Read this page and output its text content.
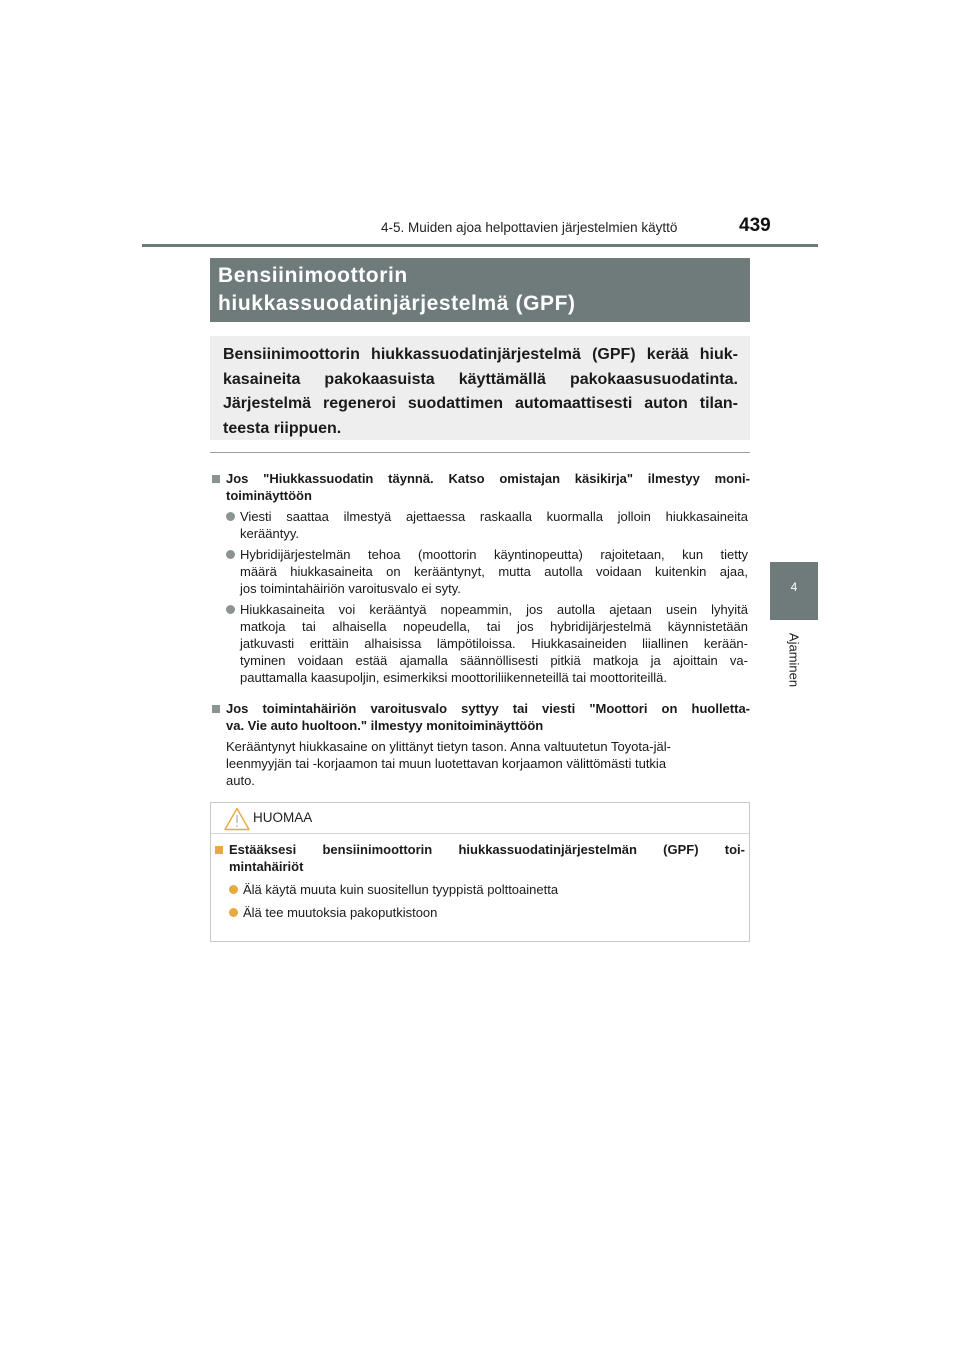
4-5. Muiden ajoa helpottavien järjestelmien käyttö	439
4
Ajaminen
Bensiinimoottorin
hiukkassuodatinjärjestelmä (GPF)
Bensiinimoottorin hiukkassuodatinjärjestelmä (GPF) kerää hiuk-
kasaineita pakokaasuista käyttämällä pakokaasusuodatinta.
Järjestelmä regeneroi suodattimen automaattisesti auton tilan-
teesta riippuen.
Jos "Hiukkassuodatin täynnä. Katso omistajan käsikirja" ilmestyy moni-
toiminäyttöön
Viesti saattaa ilmestyä ajettaessa raskaalla kuormalla jolloin hiukkasaineita
kerääntyy.
Hybridijärjestelmän tehoa (moottorin käyntinopeutta) rajoitetaan, kun tietty
määrä hiukkasaineita on kerääntynyt, mutta autolla voidaan kuitenkin ajaa,
jos toimintahäiriön varoitusvalo ei syty.
Hiukkasaineita voi kerääntyä nopeammin, jos autolla ajetaan usein lyhyitä
matkoja tai alhaisella nopeudella, tai jos hybridijärjestelmä käynnistetään
jatkuvasti erittäin alhaisissa lämpötiloissa. Hiukkasaineiden liiallinen kerään-
tyminen voidaan estää ajamalla säännöllisesti pitkiä matkoja ja ajoittain va-
pauttamalla kaasupoljin, esimerkiksi moottoriliikenneteillä tai moottoriteillä.
Jos toimintahäiriön varoitusvalo syttyy tai viesti "Moottori on huolletta-
va. Vie auto huoltoon." ilmestyy monitoiminäyttöön
Kerääntynyt hiukkasaine on ylittänyt tietyn tason. Anna valtuutetun Toyota-jäl-
leenmyyjän tai -korjaamon tai muun luotettavan korjaamon välittömästi tutkia
auto.
HUOMAA
Estääksesi bensiinimoottorin hiukkassuodatinjärjestelmän (GPF) toi-
mintahäiriöt
Älä käytä muuta kuin suositellun tyyppistä polttoainetta
Älä tee muutoksia pakoputkistoon
